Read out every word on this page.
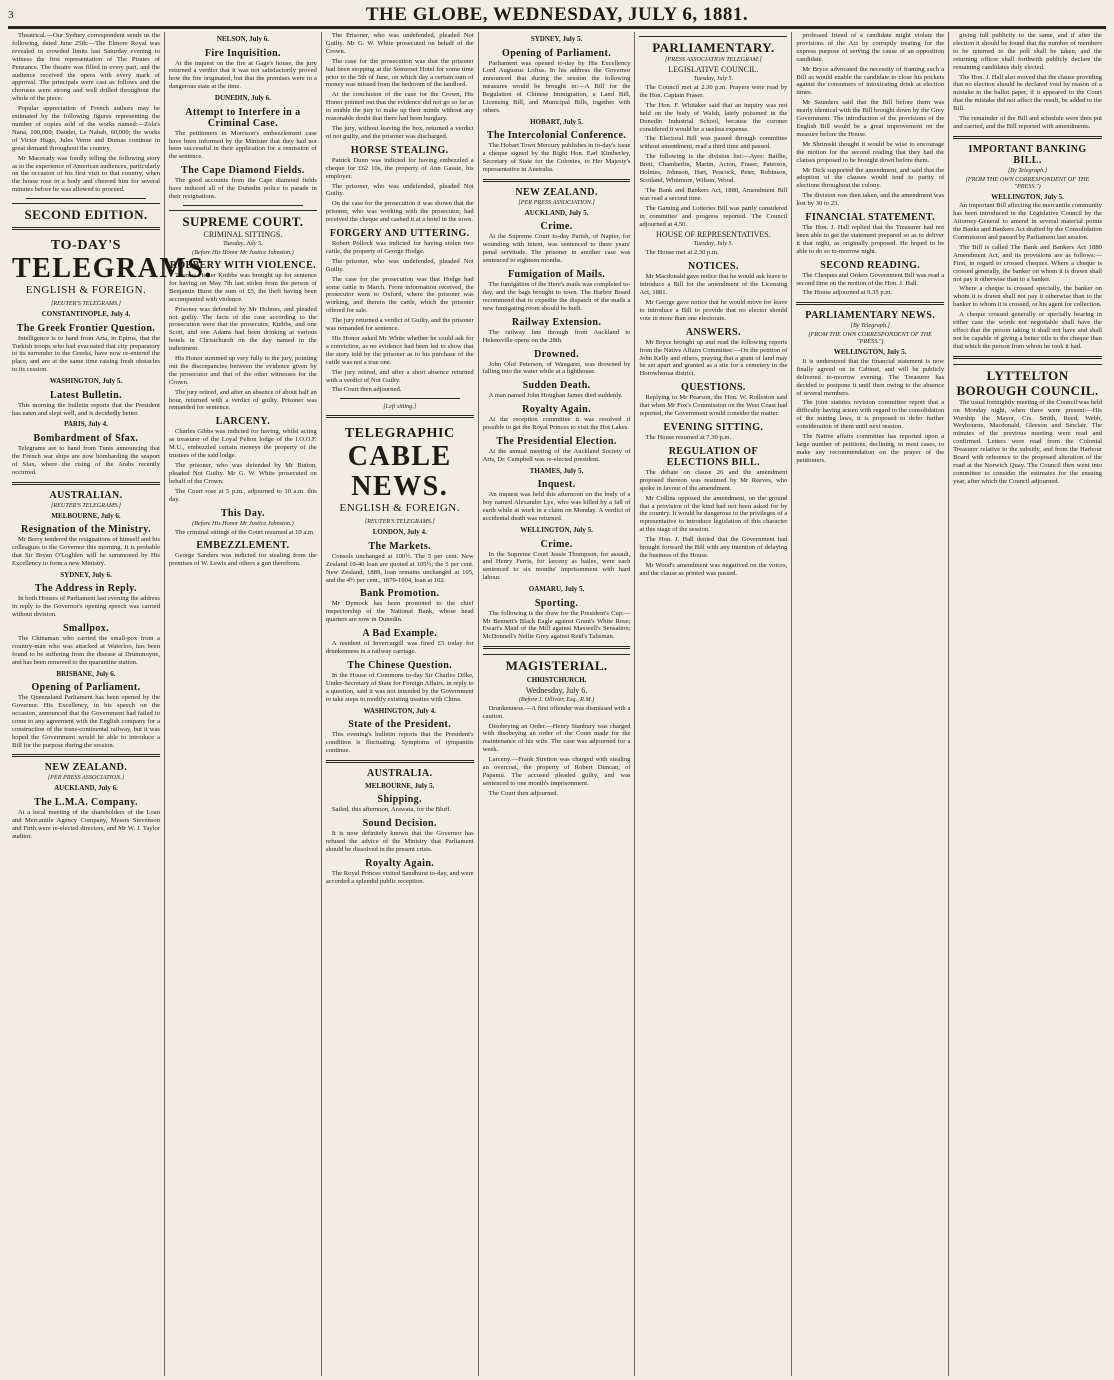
3	THE GLOBE, WEDNESDAY, JULY 6, 1881.

Theatrical.—Our Sydney correspondent sends us the following, dated June 25th:—The Elmore Royal was revealed to crowded limits last Saturday evening to witness the first representation of The Pirates of Penzance. The theatre was filled in every part, and the audience received the opera with every mark of approval. The principals were cast as follows and the choruses were strong and well drilled throughout the whole of the piece.

Popular appreciation of French authors may be estimated by the following figures representing the number of copies sold of the works named:—Zola's Nana, 100,000; Daudet, Le Nabab, 60,000; the works of Victor Hugo, Jules Verne and Dumas continue in great demand throughout the country.

Mr Macready was fondly telling the following story as to the experience of American audiences, particularly on the occasion of his first visit to that country, when the house rose in a body and cheered him for several minutes before he was allowed to proceed.

SECOND EDITION.
TO-DAY'S
TELEGRAMS.
ENGLISH & FOREIGN.
[REUTER'S TELEGRAMS.]
CONSTANTINOPLE, July 4.
The Greek Frontier Question.

Intelligence is to hand from Arta, in Epirus, that the Turkish troops who had evacuated that city preparatory to its surrender to the Greeks, have now re-entered the place, and are at the same time raising fresh obstacles to its cession.

WASHINGTON, July 5.
Latest Bulletin.

This morning the bulletin reports that the President has eaten and slept well, and is decidedly better.

PARIS, July 4.
Bombardment of Sfax.

Telegrams are to hand from Tunis announcing that the French war ships are now bombarding the seaport of Sfax, where the rising of the Arabs recently occurred.

AUSTRALIAN.
[REUTER'S TELEGRAMS.]
MELBOURNE, July 6.
Resignation of the Ministry.

Mr Berry tendered the resignations of himself and his colleagues to the Governor this morning. It is probable that Sir Bryan O'Loghlen will be summoned by His Excellency to form a new Ministry.

SYDNEY, July 6.
The Address in Reply.

In both Houses of Parliament last evening the address in reply to the Governor's opening speech was carried without division.

Smallpox.

The Chinaman who carried the small-pox from a country-man who was attacked at Waterloo, has been found to be suffering from the disease at Drummoyne, and has been removed to the quarantine station.

BRISBANE, July 6.
Opening of Parliament.

The Queensland Parliament has been opened by the Governor. His Excellency, in his speech on the occasion, announced that the Government had failed to come to any agreement with the English company for a construction of the trans-continental railway, but it was hoped the Government would be able to introduce a Bill for the purpose during the session.

NEW ZEALAND.
[PER PRESS ASSOCIATION.]
AUCKLAND, July 6.
The L.M.A. Company.

At a local meeting of the shareholders of the Loan and Mercantile Agency Company, Messrs Stevenson and Firth were re-elected directors, and Mr W. J. Taylor auditor.

NELSON, July 6.
Fire Inquisition.

At the inquest on the fire at Gage's house, the jury returned a verdict that it was not satisfactorily proved how the fire originated, but that the premises were in a dangerous state at the time.

DUNEDIN, July 6.
Attempt to Interfere in a Criminal Case.

The petitioners in Morrison's embezzlement case have been informed by the Minister that they had not been successful in their application for a remission of the sentence.

The Cape Diamond Fields.

The good accounts from the Cape diamond fields have induced all of the Dunedin police to parade in their resignations.

SUPREME COURT.
CRIMINAL SITTINGS.
Tuesday, July 5.
(Before His Honor Mr Justice Johnston.)
ROBBERY WITH VIOLENCE.

Thomas Hester Knibbs was brought up for sentence for having on May 7th last stolen from the person of Benjamin Hurst the sum of £5, the theft having been accompanied with violence.

Prisoner was defended by Mr Holmes, and pleaded not guilty. The facts of the case according to the prosecution were that the prosecutor, Knibbs, and one Scott, and one Adams had been drinking at various hotels in Christchurch on the day named in the indictment.

His Honor summed up very fully to the jury, pointing out the discrepancies between the evidence given by the prosecutor and that of the other witnesses for the Crown.

The jury retired, and after an absence of about half an hour, returned with a verdict of guilty. Prisoner was remanded for sentence.

LARCENY.

Charles Gibbs was indicted for having, whilst acting as treasurer of the Loyal Felton lodge of the I.O.O.F. M.U., embezzled certain moneys the property of the trustees of the said lodge.

The prisoner, who was defended by Mr Button, pleaded Not Guilty. Mr G. W. White prosecuted on behalf of the Crown.

The Court rose at 5 p.m., adjourned to 10 a.m. this day.

This Day.
(Before His Honor Mr Justice Johnston.)

The criminal sittings of the Court resumed at 10 a.m.

EMBEZZLEMENT.

George Sanders was indicted for stealing from the premises of W. Lewis and others a gun therefrom.

The Prisoner, who was undefended, pleaded Not Guilty. Mr G. W. White prosecuted on behalf of the Crown.

The case for the prosecution was that the prisoner had been stopping at the Somerset Hotel for some time prior to the 5th of June, on which day a certain sum of money was missed from the bedroom of the landlord.

At the conclusion of the case for the Crown, His Honor pointed out that the evidence did not go so far as to enable the jury to make up their minds without any reasonable doubt that there had been burglary.

The jury, without leaving the box, returned a verdict of not guilty, and the prisoner was discharged.

HORSE STEALING.

Patrick Dunn was indicted for having embezzled a cheque for £62 10s, the property of Ann Gassie, his employer.

The prisoner, who was undefended, pleaded Not Guilty.

On the case for the prosecution it was shown that the prisoner, who was working with the prosecutor, had received the cheque and cashed it at a hotel in the town.

FORGERY AND UTTERING.

Robert Pollock was indicted for having stolen two cattle, the property of George Hodge.

The prisoner, who was undefended, pleaded Not Guilty.

The case for the prosecution was that Hodge had some cattle in March. From information received, the prosecutor went to Oxford, where the prisoner was working, and therein the cattle, which the prisoner offered for sale.

The jury returned a verdict of Guilty, and the prisoner was remanded for sentence.

His Honor asked Mr White whether he could ask for a conviction, as no evidence had been led to show that the story told by the prisoner as to his purchase of the cattle was not a true one.

The jury retired, and after a short absence returned with a verdict of Not Guilty.

The Court then adjourned.

[Left sitting.]
TELEGRAPHIC
CABLE NEWS.
ENGLISH & FOREIGN.
[REUTER'S TELEGRAMS.]
LONDON, July 4.
The Markets.

Consols unchanged at 100½. The 5 per cent. New Zealand 10-40 loan are quoted at 105½; the 5 per cent. New Zealand, 1889, loan remains unchanged at 105, and the 4½ per cent., 1879-1904, loan at 102.

Bank Promotion.

Mr Dymock has been promoted to the chief inspectorship of the National Bank, whose head quarters are now in Dunedin.

A Bad Example.

A resident of Invercargill was fined £5 today for drunkenness in a railway carriage.

The Chinese Question.

In the House of Commons to-day Sir Charles Dilke, Under-Secretary of State for Foreign Affairs, in reply to a question, said it was not intended by the Government to take steps to modify existing treaties with China.

WASHINGTON, July 4.
State of the President.

This evening's bulletin reports that the President's condition is fluctuating. Symptoms of tympanitis continue.

AUSTRALIA.
MELBOURNE, July 5.
Shipping.

Sailed, this afternoon, Arawata, for the Bluff.

Sound Decision.

It is now definitely known that the Governor has refused the advice of the Ministry that Parliament should be dissolved in the present crisis.

Royalty Again.

The Royal Princes visited Sandhurst to-day, and were accorded a splendid public reception.

SYDNEY, July 5.
Opening of Parliament.

Parliament was opened to-day by His Excellency Lord Augustus Loftus. In his address the Governor announced that during the session the following measures would be brought in:—A Bill for the Regulation of Chinese Immigration, a Land Bill, Licensing Bill, and Municipal Bills, together with others.

HOBART, July 5.
The Intercolonial Conference.

The Hobart Town Mercury publishes in to-day's issue a cheque signed by the Right Hon. Earl Kimberley, Secretary of State for the Colonies, to Her Majesty's representative in Australia.

NEW ZEALAND.
[PER PRESS ASSOCIATION.]
AUCKLAND, July 5.
Crime.

At the Supreme Court to-day Parish, of Napier, for wounding with intent, was sentenced to three years' penal servitude. The prisoner in another case was sentenced to eighteen months.

Fumigation of Mails.

The fumigation of the Here's mails was completed to-day, and the bags brought to town. The Harbor Board recommend that to expedite the dispatch of the mails a new fumigating room should be built.

Railway Extension.

The railway line through from Auckland to Helensville opens on the 28th.

Drowned.

John Olof Peterson, of Wangarei, was drowned by falling into the water while at a lighthouse.

Sudden Death.

A man named John Houghan James died suddenly.

Royalty Again.

At the reception committee it was resolved if possible to get the Royal Princes to visit the Hot Lakes.

The Presidential Election.

At the annual meeting of the Auckland Society of Arts, Dr. Campbell was re-elected president.

THAMES, July 5.
Inquest.

An inquest was held this afternoon on the body of a boy named Alexander Lye, who was killed by a fall of earth while at work in a claim on Monday. A verdict of accidental death was returned.

WELLINGTON, July 5.
Crime.

In the Supreme Court Jessie Thompson, for assault, and Henry Ferris, for larceny as bailee, were each sentenced to six months' imprisonment with hard labour.

OAMARU, July 5.
Sporting.

The following is the draw for the President's Cup:—Mr Bennett's Black Eagle against Grant's White Rose; Ewart's Maid of the Mill against Maxwell's Sensation; McDonnell's Nellie Grey against Reid's Talisman.

MAGISTERIAL.
CHRISTCHURCH.
Wednesday, July 6.
(Before J. Ollivier, Esq., R.M.)

Drunkenness.—A first offender was dismissed with a caution.

Disobeying an Order.—Henry Stanbury was charged with disobeying an order of the Court made for the maintenance of his wife. The case was adjourned for a week.

Larceny.—Frank Stretton was charged with stealing an overcoat, the property of Robert Duncan, of Papanui. The accused pleaded guilty, and was sentenced to one month's imprisonment.

The Court then adjourned.

PARLIAMENTARY.
[PRESS ASSOCIATION TELEGRAM.]
LEGISLATIVE COUNCIL.
Tuesday, July 5.

The Council met at 2.30 p.m. Prayers were read by the Hon. Captain Fraser.

The Hon. F. Whitaker said that an inquiry was not held on the body of Walsh, lately poisoned in the Dunedin Industrial School, because the coroner considered it would be a useless expense.

The Electoral Bill was passed through committee without amendment, read a third time and passed.

The following is the division list:—Ayes: Baillie, Brett, Chamberlin, Martin, Acton, Fraser, Paterson, Holmes, Johnson, Hart, Peacock, Peter, Robinson, Scotland, Whitmore, Wilson, Wood.

The Bank and Bankers Act, 1880, Amendment Bill was read a second time.

The Gaming and Lotteries Bill was partly considered in committee and progress reported. The Council adjourned at 4.50.

HOUSE OF REPRESENTATIVES.
Tuesday, July 5.

The House met at 2.30 p.m.

NOTICES.

Mr Macdonald gave notice that he would ask leave to introduce a Bill for the amendment of the Licensing Act, 1881.

Mr George gave notice that he would move for leave to introduce a Bill to provide that no elector should vote in more than one electorate.

ANSWERS.

Mr Bryce brought up and read the following reports from the Native Affairs Committee:—On the petition of John Kelly and others, praying that a grant of land may be set apart and granted as a site for a cemetery in the Horowhenua district.

QUESTIONS.

Replying to Mr Pearson, the Hon. W. Rolleston said that when Mr Fox's Commission on the West Coast had reported, the Government would consider the matter.

EVENING SITTING.

The House resumed at 7.30 p.m.

REGULATION OF ELECTIONS BILL.

The debate on clause 26 and the amendment proposed thereon was resumed by Mr Reeves, who spoke in favour of the amendment.

Mr Collins opposed the amendment, on the ground that a provision of the kind had not been asked for by the country. It would be dangerous to the privileges of a representative to introduce legislation of this character at this stage of the session.

The Hon. J. Hall denied that the Government had brought forward the Bill with any intention of delaying the business of the House.

Mr Wood's amendment was negatived on the voices, and the clause as printed was passed.

professed friend of a candidate might violate the provisions of the Act by corruptly treating for the express purpose of serving the cause of an opposition candidate.

Mr Bryce advocated the necessity of framing such a Bill as would enable the candidate to close his pockets against the consumers of intoxicating drink at election times.

Mr Saunders said that the Bill before them was nearly identical with the Bill brought down by the Grey Government. The introduction of the provisions of the English Bill would be a great improvement on the measure before the House.

Mr Shrimski thought it would be wise to encourage the motion for the second reading that they had the clauses proposed to be brought down before them.

Mr Dick supported the amendment, and said that the adoption of the clauses would tend to purity of elections throughout the colony.

The division was then taken, and the amendment was lost by 30 to 23.

FINANCIAL STATEMENT.

The Hon. J. Hall replied that the Treasurer had not been able to get the statement prepared so as to deliver it that night, as originally proposed. He hoped to be able to do so to-morrow night.

SECOND READING.

The Cheques and Orders Government Bill was read a second time on the motion of the Hon. J. Hall.

The House adjourned at 9.35 p.m.

PARLIAMENTARY NEWS.
[By Telegraph.]
(FROM THE OWN CORRESPONDENT OF THE "PRESS.")
WELLINGTON, July 5.

It is understood that the financial statement is now finally agreed on in Cabinet, and will be publicly delivered to-morrow evening. The Treasurer has decided to postpone it until then owing to the absence of several members.

The joint statutes revision committee report that a difficulty having arisen with regard to the consolidation of the mining laws, it is proposed to defer further consideration of them until next session.

The Native affairs committee has reported upon a large number of petitions, declining, in most cases, to make any recommendation on the prayer of the petitioners.

giving full publicity to the same, and if after the election it should be found that the number of members to be returned to the poll shall be taken, and the returning officer shall forthwith publicly declare the remaining candidates duly elected.

The Hon. J. Hall also moved that the clause providing that no election should be declared void by reason of a mistake in the ballot paper, if it appeared to the Court that the mistake did not affect the result, be added to the Bill.

The remainder of the Bill and schedule were then put and carried, and the Bill reported with amendments.

IMPORTANT BANKING BILL.
[By Telegraph.]
(FROM THE OWN CORRESPONDENT OF THE "PRESS.")
WELLINGTON, July 5.

An important Bill affecting the mercantile community has been introduced in the Legislative Council by the Attorney-General to amend in several material points the Banks and Bankers Act drafted by the Consolidation Commission and passed by Parliament last session.

The Bill is called The Bank and Bankers Act 1880 Amendment Act, and its provisions are as follows:—First, in regard to crossed cheques. Where a cheque is crossed generally, the banker on whom it is drawn shall not pay it otherwise than to a banker.

Where a cheque is crossed specially, the banker on whom it is drawn shall not pay it otherwise than to the banker to whom it is crossed, or his agent for collection.

A cheque crossed generally or specially bearing in either case the words not negotiable shall have the effect that the person taking it shall not have and shall not be capable of giving a better title to the cheque than that which the person from whom he took it had.

LYTTELTON BOROUGH COUNCIL.

The usual fortnightly meeting of the Council was held on Monday night, when there were present:—His Worship the Mayor, Crs. Smith, Reed, Webb, Weybourne, Macdonald, Gleeson and Sinclair. The minutes of the previous meeting were read and confirmed. Letters were read from the Colonial Treasurer relative to the subsidy, and from the Harbour Board with reference to the proposed alteration of the road at the Norwich Quay. The Council then went into committee to consider the estimates for the ensuing year, after which the Council adjourned.
